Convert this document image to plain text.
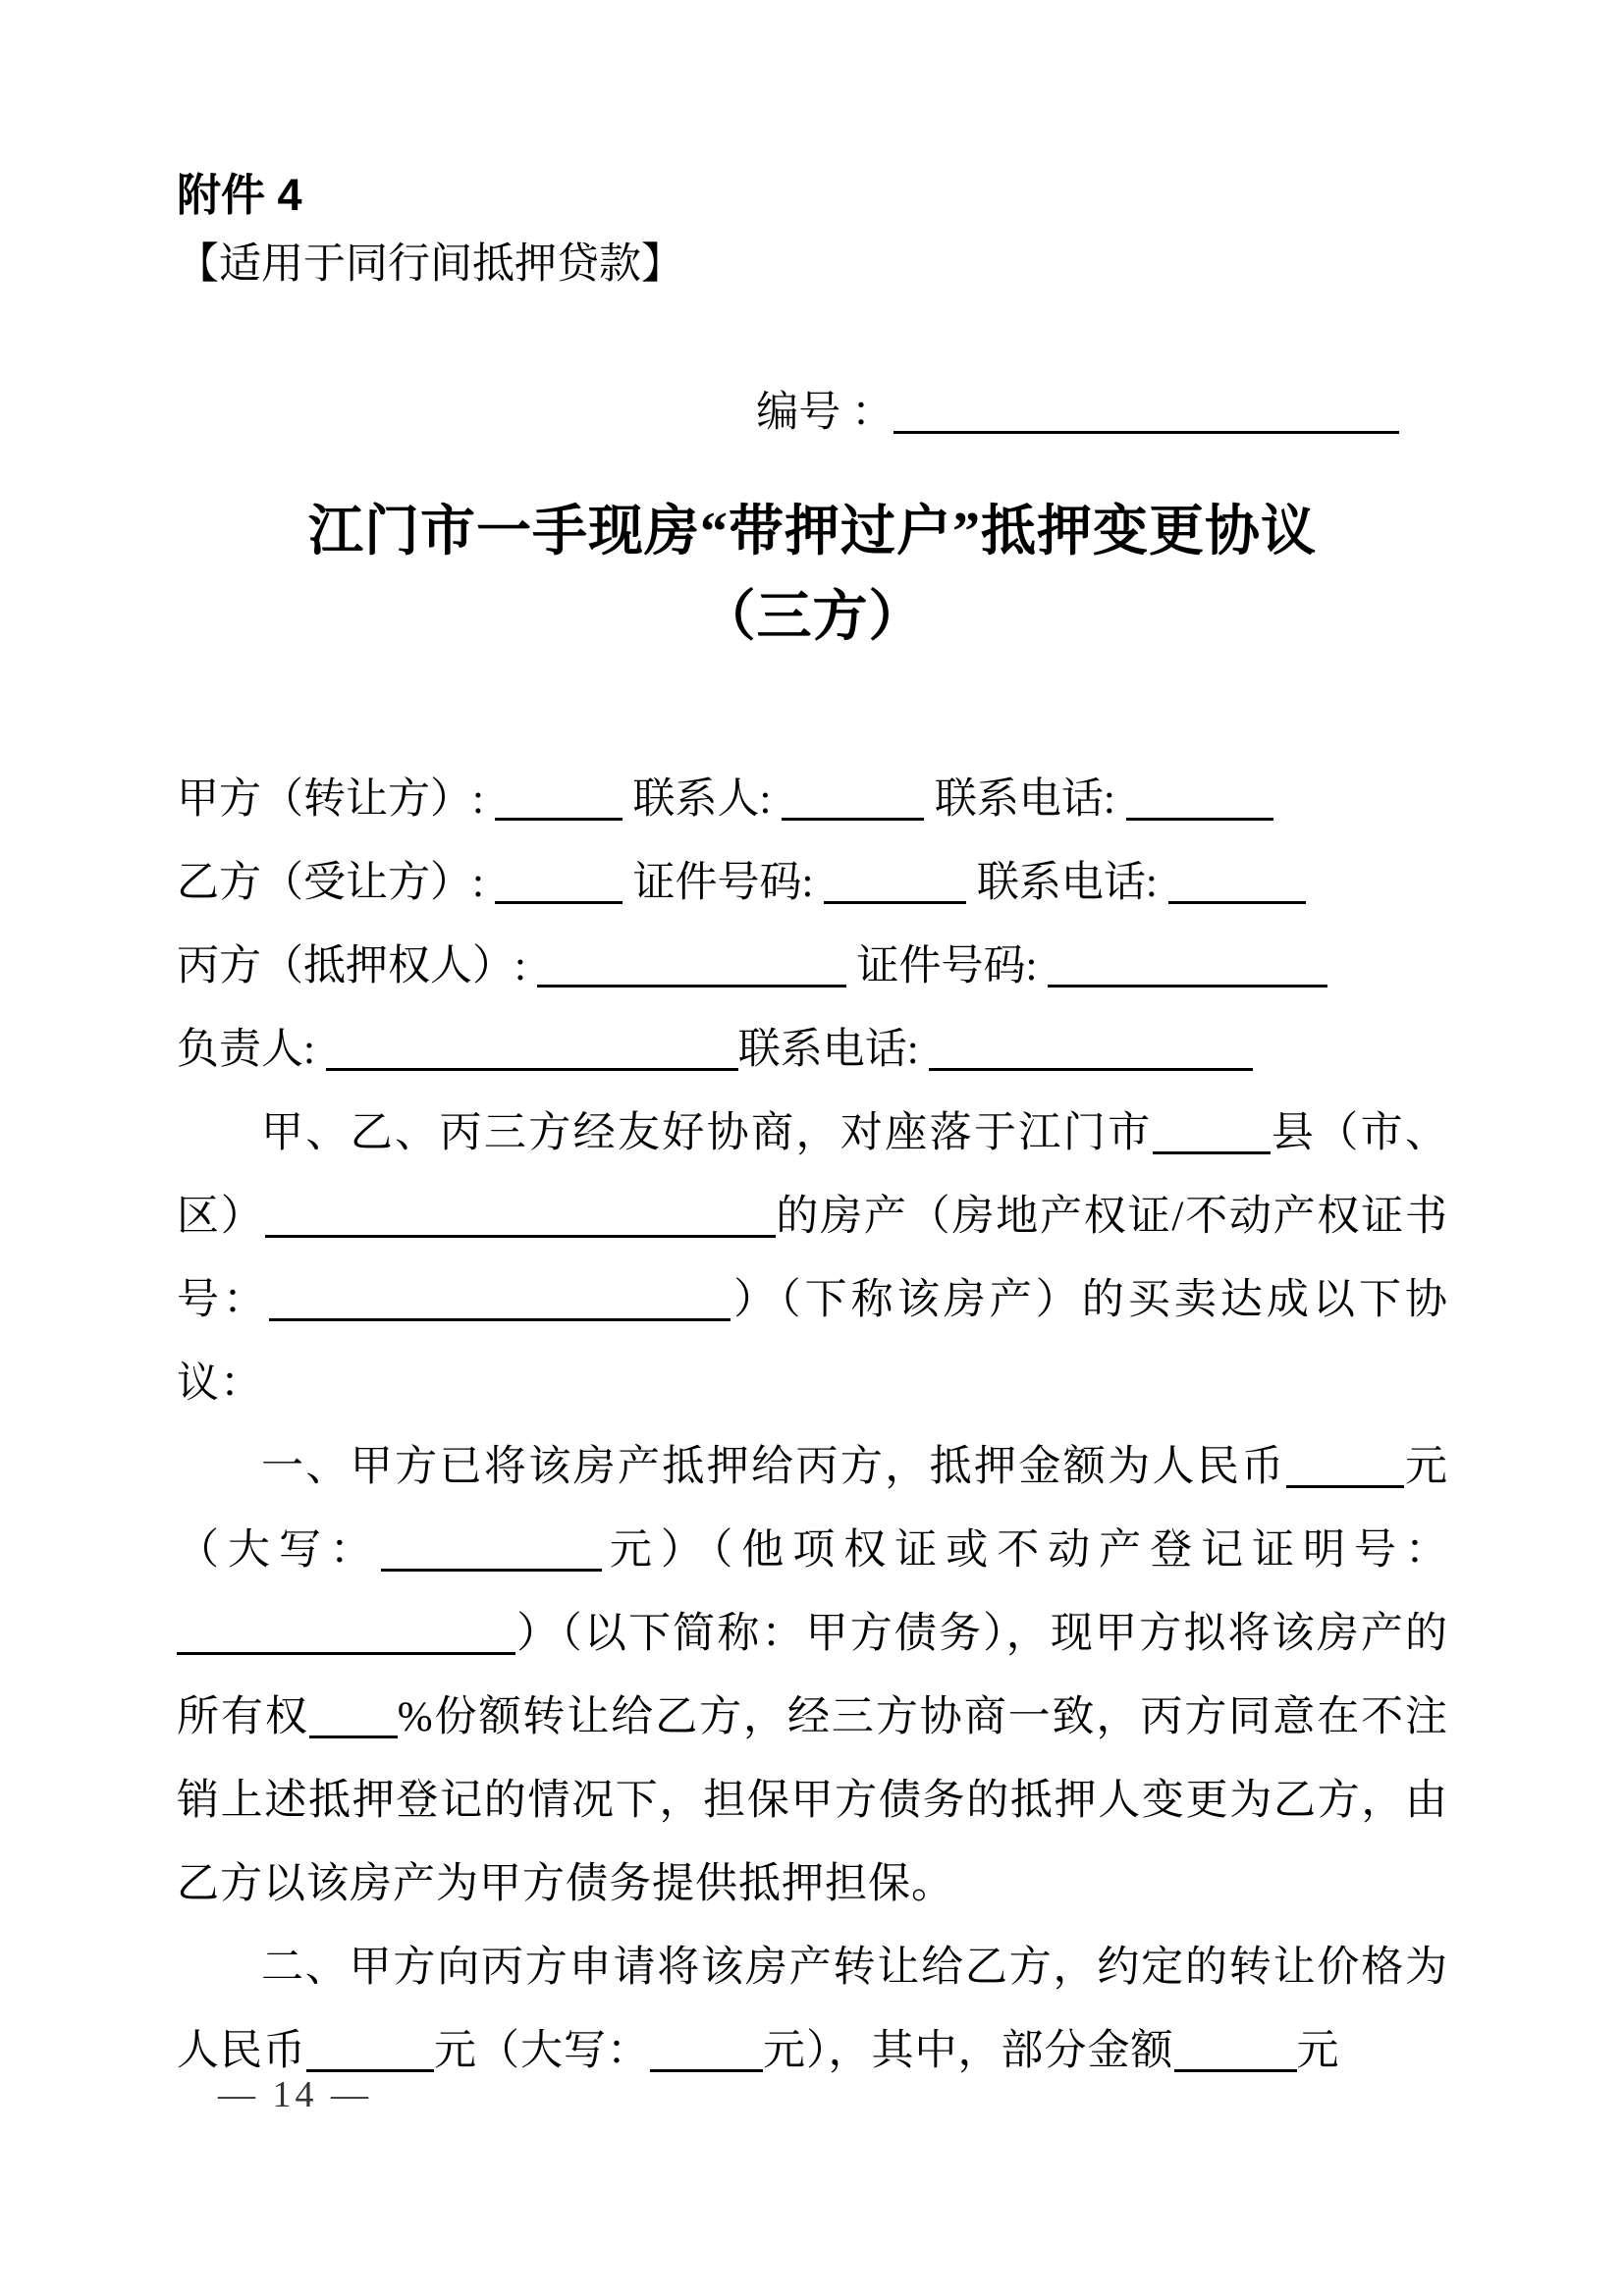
附件 4
【适用于同行间抵押贷款】
编号 ：
江门市一手现房“带押过户”抵押变更协议
（三方）
甲方（转让方）:	联系人:	联系电话:
乙方（受让方）:	证件号码:	联系电话:
丙方（抵押权人）:	证件号码:
负责人:	联系电话:

甲、乙、丙三方经友好协商，对座落于江门市	县（市、区）	的房产（房地产权证/不动产权证书号：	）（下称该房产）的买卖达成以下协议：

一、甲方已将该房产抵押给丙方，抵押金额为人民币	元（大写：	元）（他项权证或不动产登记证明号：）（以下简称：甲方债务），现甲方拟将该房产的所有权 %份额转让给乙方，经三方协商一致，丙方同意在不注销上述抵押登记的情况下，担保甲方债务的抵押人变更为乙方，由乙方以该房产为甲方债务提供抵押担保。

二、甲方向丙方申请将该房产转让给乙方，约定的转让价格为人民币	元（大写：	元），其中，部分金额	元

— 14 —
